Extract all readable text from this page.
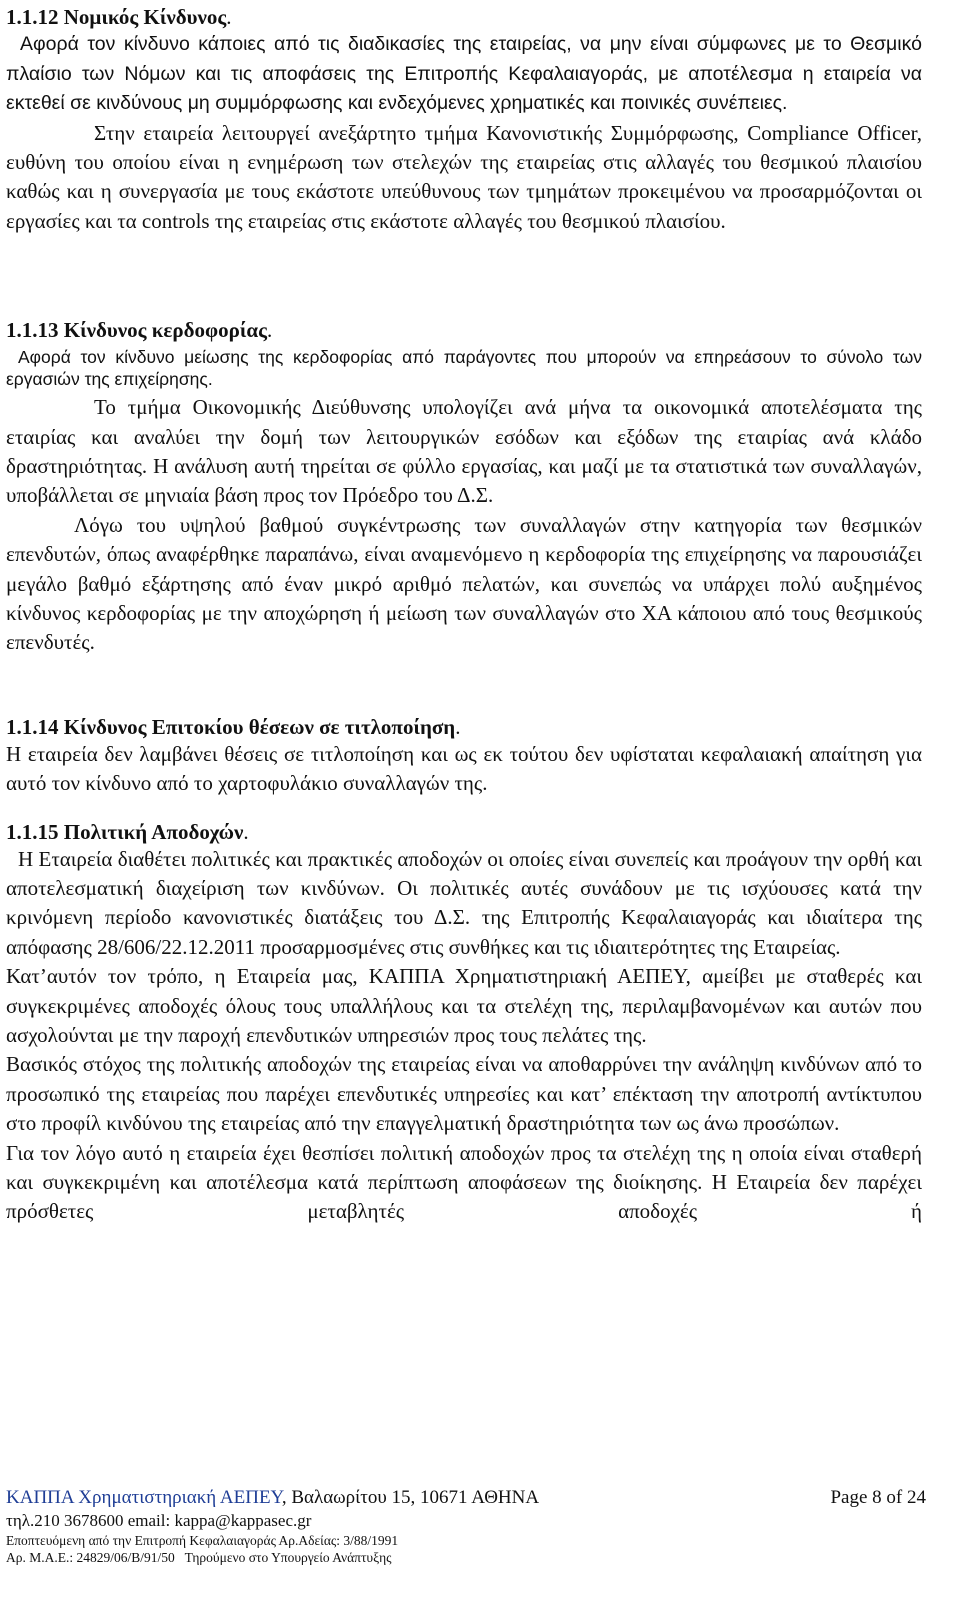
1.1.12 Νομικός Κίνδυνος.

Αφορά τον κίνδυνο κάποιες από τις διαδικασίες της εταιρείας, να μην είναι σύμφωνες με το Θεσμικό πλαίσιο των Νόμων και τις αποφάσεις της Επιτροπής Κεφαλαιαγοράς, με αποτέλεσμα η εταιρεία να εκτεθεί σε κινδύνους μη συμμόρφωσης και ενδεχόμενες χρηματικές και ποινικές συνέπειες.

Στην εταιρεία λειτουργεί ανεξάρτητο τμήμα Κανονιστικής Συμμόρφωσης, Compliance Officer, ευθύνη του οποίου είναι η ενημέρωση των στελεχών της εταιρείας στις αλλαγές του θεσμικού πλαισίου καθώς και η συνεργασία με τους εκάστοτε υπεύθυνους των τμημάτων προκειμένου να προσαρμόζονται οι εργασίες και τα controls της εταιρείας στις εκάστοτε αλλαγές του θεσμικού πλαισίου.

1.1.13 Κίνδυνος κερδοφορίας.

Αφορά τον κίνδυνο μείωσης της κερδοφορίας από παράγοντες που μπορούν να επηρεάσουν το σύνολο των εργασιών της επιχείρησης.

Το τμήμα Οικονομικής Διεύθυνσης υπολογίζει ανά μήνα τα οικονομικά αποτελέσματα της εταιρίας και αναλύει την δομή των λειτουργικών εσόδων και εξόδων της εταιρίας ανά κλάδο δραστηριότητας. Η ανάλυση αυτή τηρείται σε φύλλο εργασίας, και μαζί με τα στατιστικά των συναλλαγών, υποβάλλεται σε μηνιαία βάση προς τον Πρόεδρο του Δ.Σ.

Λόγω του υψηλού βαθμού συγκέντρωσης των συναλλαγών στην κατηγορία των θεσμικών επενδυτών, όπως αναφέρθηκε παραπάνω, είναι αναμενόμενο η κερδοφορία της επιχείρησης να παρουσιάζει μεγάλο βαθμό εξάρτησης από έναν μικρό αριθμό πελατών, και συνεπώς να υπάρχει πολύ αυξημένος κίνδυνος κερδοφορίας με την αποχώρηση ή μείωση των συναλλαγών στο ΧΑ κάποιου από τους θεσμικούς επενδυτές.

1.1.14 Κίνδυνος Επιτοκίου θέσεων σε τιτλοποίηση.

Η εταιρεία δεν λαμβάνει θέσεις σε τιτλοποίηση και ως εκ τούτου δεν υφίσταται κεφαλαιακή απαίτηση για αυτό τον κίνδυνο από το χαρτοφυλάκιο συναλλαγών της.

1.1.15 Πολιτική Αποδοχών.

Η Εταιρεία διαθέτει πολιτικές και πρακτικές αποδοχών οι οποίες είναι συνεπείς και προάγουν την ορθή και αποτελεσματική διαχείριση των κινδύνων. Οι πολιτικές αυτές συνάδουν με τις ισχύουσες κατά την κρινόμενη περίοδο κανονιστικές διατάξεις του Δ.Σ. της Επιτροπής Κεφαλαιαγοράς και ιδιαίτερα της απόφασης 28/606/22.12.2011 προσαρμοσμένες στις συνθήκες και τις ιδιαιτερότητες της Εταιρείας.

Κατ’αυτόν τον τρόπο, η Εταιρεία μας, ΚΑΠΠΑ Χρηματιστηριακή ΑΕΠΕΥ, αμείβει με σταθερές και συγκεκριμένες αποδοχές όλους τους υπαλλήλους και τα στελέχη της, περιλαμβανομένων και αυτών που ασχολούνται με την παροχή επενδυτικών υπηρεσιών προς τους πελάτες της.

Βασικός στόχος της πολιτικής αποδοχών της εταιρείας είναι να αποθαρρύνει την ανάληψη κινδύνων από το προσωπικό της εταιρείας που παρέχει επενδυτικές υπηρεσίες και κατ’ επέκταση την αποτροπή αντίκτυπου στο προφίλ κινδύνου της εταιρείας από την επαγγελματική δραστηριότητα των ως άνω προσώπων.

Για τον λόγο αυτό η εταιρεία έχει θεσπίσει πολιτική αποδοχών προς τα στελέχη της η οποία είναι σταθερή και συγκεκριμένη και αποτέλεσμα κατά περίπτωση αποφάσεων της διοίκησης. Η Εταιρεία δεν παρέχει πρόσθετες μεταβλητές αποδοχές ή

ΚΑΠΠΑ Χρηματιστηριακή ΑΕΠΕΥ, Βαλαωρίτου 15, 10671 ΑΘΗΝΑ	Page 8 of 24
τηλ.210 3678600 email: kappa@kappasec.gr
Εποπτευόμενη από την Επιτροπή Κεφαλαιαγοράς Αρ.Αδείας: 3/88/1991
Αρ. Μ.Α.Ε.: 24829/06/Β/91/50   Τηρούμενο στο Υπουργείο Ανάπτυξης
